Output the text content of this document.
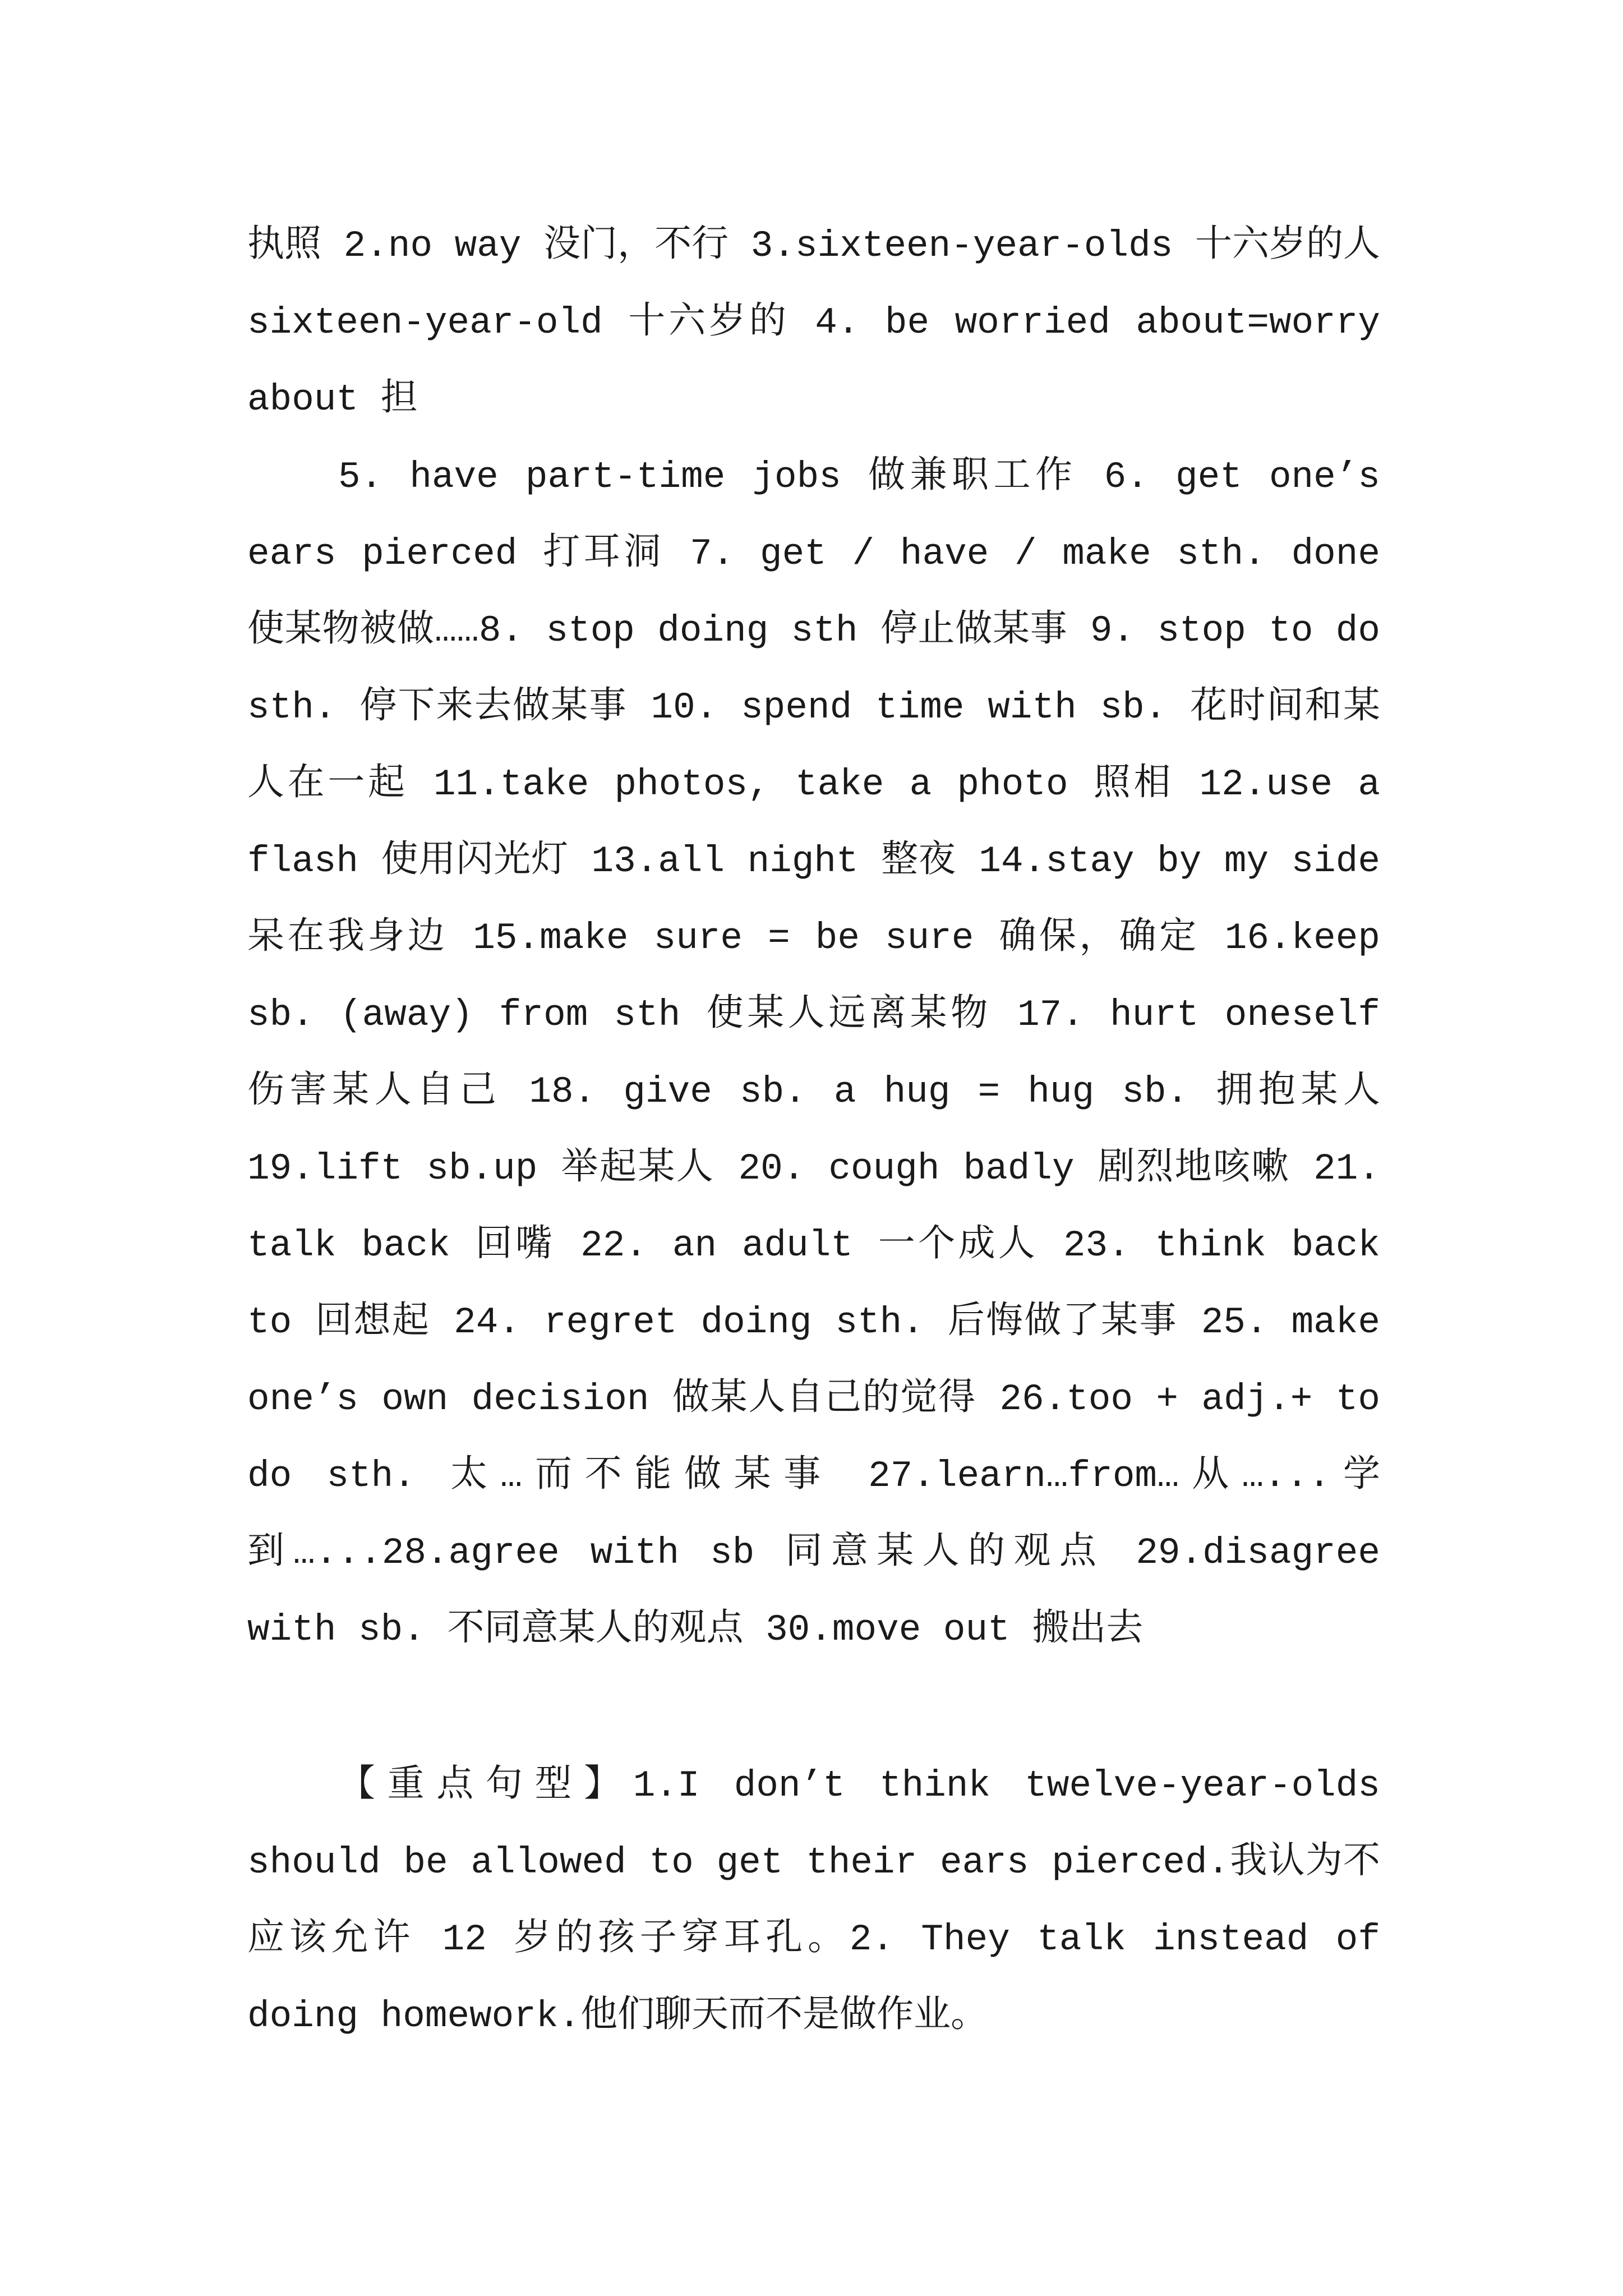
执照 2.no way 没门，不行 3.sixteen-year-olds 十六岁的人 sixteen-year-old 十六岁的 4. be worried about=worry about 担

5. have part-time jobs 做兼职工作 6. get one’s ears pierced 打耳洞 7. get / have / make sth. done 使某物被做……8. stop doing sth 停止做某事 9. stop to do sth. 停下来去做某事 10. spend time with sb. 花时间和某人在一起 11.take photos, take a photo 照相 12.use a flash 使用闪光灯 13.all night 整夜 14.stay by my side 呆在我身边 15.make sure = be sure 确保，确定 16.keep sb. (away) from sth 使某人远离某物 17. hurt oneself 伤害某人自己 18. give sb. a hug = hug sb. 拥抱某人 19.lift sb.up 举起某人 20. cough badly 剧烈地咳嗽 21. talk back 回嘴 22. an adult 一个成人 23. think back to 回想起 24. regret doing sth. 后悔做了某事 25. make one’s own decision 做某人自己的觉得 26.too + adj.+ to do sth. 太…而不能做某事 27.learn…from…从…...学到…...28.agree with sb 同意某人的观点 29.disagree with sb. 不同意某人的观点 30.move out 搬出去

【重点句型】1.I don’t think twelve-year-olds should be allowed to get their ears pierced.我认为不应该允许 12 岁的孩子穿耳孔。2. They talk instead of doing homework.他们聊天而不是做作业。
